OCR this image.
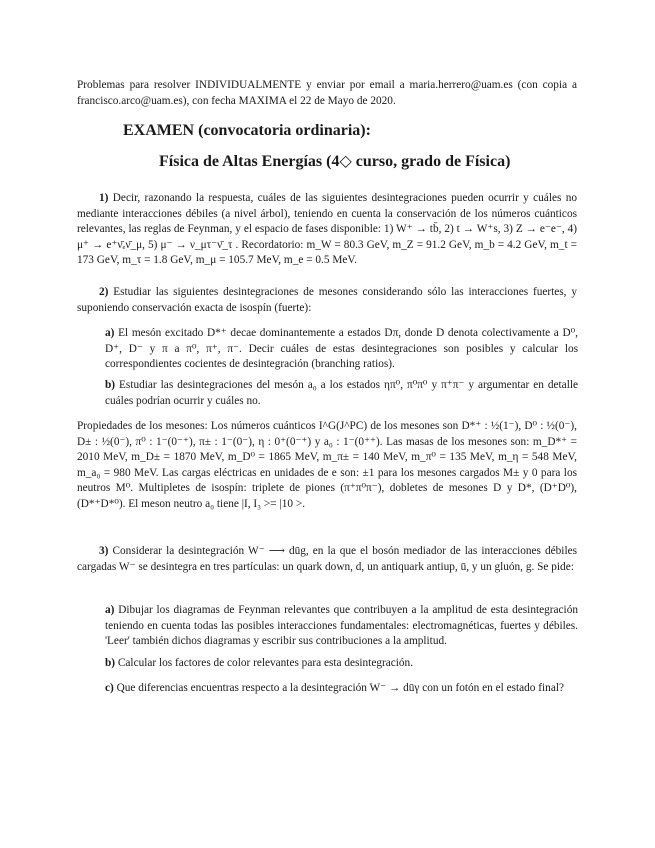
Problemas para resolver INDIVIDUALMENTE y enviar por email a maria.herrero@uam.es (con copia a francisco.arco@uam.es), con fecha MAXIMA el 22 de Mayo de 2020.

EXAMEN (convocatoria ordinaria):
Física de Altas Energías (4◇ curso, grado de Física)

1) Decir, razonando la respuesta, cuáles de las siguientes desintegraciones pueden ocurrir y cuáles no mediante interacciones débiles (a nivel árbol), teniendo en cuenta la conservación de los números cuánticos relevantes, las reglas de Feynman, y el espacio de fases disponible: 1) W⁺ → tb̄, 2) t → W⁺s, 3) Z → e⁻e⁻, 4) μ⁺ → e⁺ν̄ₑν̄_μ, 5) μ⁻ → ν_μτ⁻ν̄_τ . Recordatorio: m_W = 80.3 GeV, m_Z = 91.2 GeV, m_b = 4.2 GeV, m_t = 173 GeV, m_τ = 1.8 GeV, m_μ = 105.7 MeV, m_e = 0.5 MeV.

2) Estudiar las siguientes desintegraciones de mesones considerando sólo las interacciones fuertes, y suponiendo conservación exacta de isospín (fuerte):

a) El mesón excitado D*⁺ decae dominantemente a estados Dπ, donde D denota colectivamente a D⁰, D⁺, D⁻ y π a π⁰, π⁺, π⁻. Decir cuáles de estas desintegraciones son posibles y calcular los correspondientes cocientes de desintegración (branching ratios).

b) Estudiar las desintegraciones del mesón a₀ a los estados ηπ⁰, π⁰π⁰ y π⁺π⁻ y argumentar en detalle cuáles podrían ocurrir y cuáles no.

Propiedades de los mesones: Los números cuánticos I^G(J^PC) de los mesones son D*⁺ : ½(1⁻), D⁰ : ½(0⁻), D± : ½(0⁻), π⁰ : 1⁻(0⁻⁺), π± : 1⁻(0⁻), η : 0⁺(0⁻⁺) y a₀ : 1⁻(0⁺⁺). Las masas de los mesones son: m_D*⁺ = 2010 MeV, m_D± = 1870 MeV, m_D⁰ = 1865 MeV, m_π± = 140 MeV, m_π⁰ = 135 MeV, m_η = 548 MeV, m_a₀ = 980 MeV. Las cargas eléctricas en unidades de e son: ±1 para los mesones cargados M± y 0 para los neutros M⁰. Multipletes de isospín: triplete de piones (π⁺π⁰π⁻), dobletes de mesones D y D*, (D⁺D⁰), (D*⁺D*⁰). El meson neutro a₀ tiene |I, I₃ >= |10 >.

3) Considerar la desintegración W⁻ ⟶ dūg, en la que el bosón mediador de las interacciones débiles cargadas W⁻ se desintegra en tres partículas: un quark down, d, un antiquark antiup, ū, y un gluón, g. Se pide:

a) Dibujar los diagramas de Feynman relevantes que contribuyen a la amplitud de esta desintegración teniendo en cuenta todas las posibles interacciones fundamentales: electromagnéticas, fuertes y débiles. 'Leer' también dichos diagramas y escribir sus contribuciones a la amplitud.

b) Calcular los factores de color relevantes para esta desintegración.

c) Que diferencias encuentras respecto a la desintegración W⁻ → dūγ con un fotón en el estado final?
